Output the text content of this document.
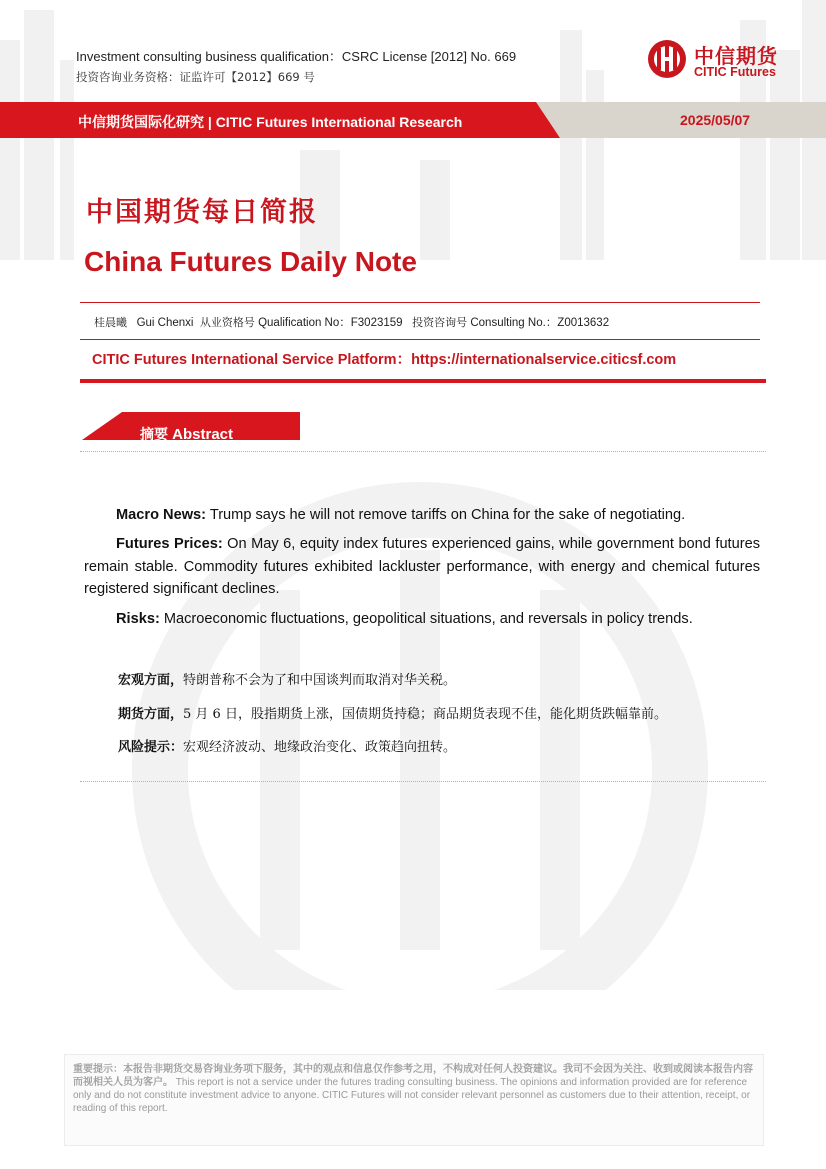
Investment consulting business qualification：CSRC License [2012] No. 669
投资咨询业务资格：证监许可【2012】669 号
中信期货
CITIC Futures
中信期货国际化研究 | CITIC Futures International Research	2025/05/07
中国期货每日简报
China Futures Daily Note
桂晨曦 Gui Chenxi 从业资格号 Qualification No：F3023159 投资咨询号 Consulting No.：Z0013632
CITIC Futures International Service Platform：https://internationalservice.citicsf.com
摘要 Abstract
Macro News: Trump says he will not remove tariffs on China for the sake of negotiating.
Futures Prices: On May 6, equity index futures experienced gains, while government bond futures remain stable. Commodity futures exhibited lackluster performance, with energy and chemical futures registered significant declines.
Risks: Macroeconomic fluctuations, geopolitical situations, and reversals in policy trends.
宏观方面，特朗普称不会为了和中国谈判而取消对华关税。
期货方面，5 月 6 日，股指期货上涨，国债期货持稳；商品期货表现不佳，能化期货跌幅靠前。
风险提示：宏观经济波动、地缘政治变化、政策趋向扭转。
重要提示：本报告非期货交易咨询业务项下服务，其中的观点和信息仅作参考之用，不构成对任何人投资建议。我司不会因为关注、收到或阅读本报告内容而视相关人员为客户。 This report is not a service under the futures trading consulting business. The opinions and information provided are for reference only and do not constitute investment advice to anyone. CITIC Futures will not consider relevant personnel as customers due to their attention, receipt, or reading of this report.
